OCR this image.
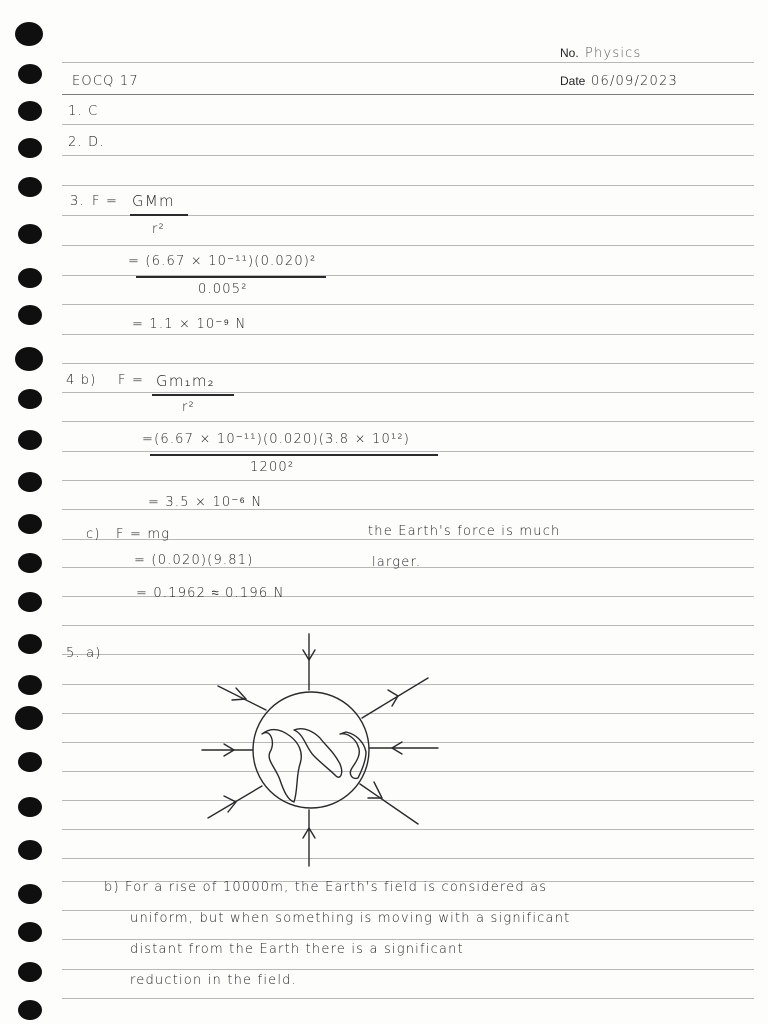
No. Physics
Date 06/09/2023
EOCQ 17
1. C
2. D.
3. F = GMm
r²
= (6.67 × 10⁻¹¹)(0.020)²
0.005²
= 1.1 × 10⁻⁹ N
4 b) F = Gm₁m₂
r²
=(6.67 × 10⁻¹¹)(0.020)(3.8 × 10¹²)
1200²
= 3.5 × 10⁻⁶ N
c) F = mg
= (0.020)(9.81)
= 0.1962 ≈ 0.196 N
the Earth's force is much
larger.
5. a)
b) For a rise of 10000m, the Earth's field is considered as
uniform, but when something is moving with a significant
distant from the Earth there is a significant
reduction in the field.
